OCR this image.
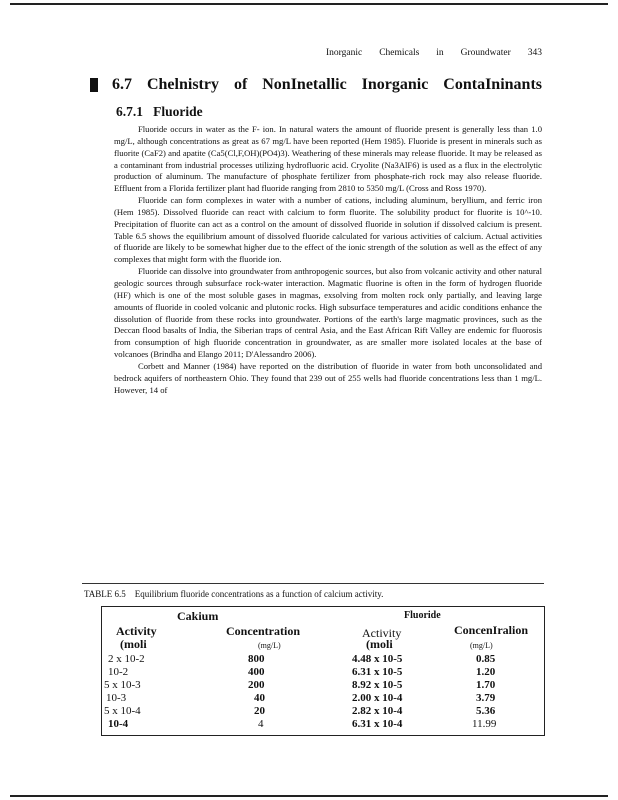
Inorganic Chemicals in Groundwater 343
6.7 Chelnistry of NonInetallic Inorganic ContaIninants
6.7.1 Fluoride

Fluoride occurs in water as the F- ion. In natural waters the amount of fluoride present is generally less than 1.0 mg/L, although concentrations as great as 67 mg/L have been reported (Hem 1985). Fluoride is present in minerals such as fluorite (CaF2) and apatite (Ca5(Cl,F,OH)(PO4)3). Weathering of these minerals may release fluoride. It may be released as a contaminant from industrial processes utilizing hydrofluoric acid. Cryolite (Na3AlF6) is used as a flux in the electrolytic production of aluminum. The manufacture of phosphate fertilizer from phosphate-rich rock may also release fluoride. Effluent from a Florida fertilizer plant had fluoride ranging from 2810 to 5350 mg/L (Cross and Ross 1970).

Fluoride can form complexes in water with a number of cations, including aluminum, beryllium, and ferric iron (Hem 1985). Dissolved fluoride can react with calcium to form fluorite. The solubility product for fluorite is 10^-10. Precipitation of fluorite can act as a control on the amount of dissolved fluoride in solution if dissolved calcium is present. Table 6.5 shows the equilibrium amount of dissolved fluoride calculated for various activities of calcium. Actual activities of fluoride are likely to be somewhat higher due to the effect of the ionic strength of the solution as well as the effect of any complexes that might form with the fluoride ion.

Fluoride can dissolve into groundwater from anthropogenic sources, but also from volcanic activity and other natural geologic sources through subsurface rock-water interaction. Magmatic fluorine is often in the form of hydrogen fluoride (HF) which is one of the most soluble gases in magmas, exsolving from molten rock only partially, and leaving large amounts of fluoride in cooled volcanic and plutonic rocks. High subsurface temperatures and acidic conditions enhance the dissolution of fluoride from these rocks into groundwater. Portions of the earth's large magmatic provinces, such as the Deccan flood basalts of India, the Siberian traps of central Asia, and the East African Rift Valley are endemic for fluorosis from consumption of high fluoride concentration in groundwater, as are smaller more isolated locales at the base of volcanoes (Brindha and Elango 2011; D'Alessandro 2006).

Corbett and Manner (1984) have reported on the distribution of fluoride in water from both unconsolidated and bedrock aquifers of northeastern Ohio. They found that 239 out of 255 wells had fluoride concentrations less than 1 mg/L. However, 14 of

TABLE 6.5 Equilibrium fluoride concentrations as a function of calcium activity.
Cakium	Fluoride
Activity	Concentration	Activity	ConcenIralion
(moli	(mg/L)	(moli	(mg/L)
2 x 10-2	800	4.48 x 10-5	0.85
10-2	400	6.31 x 10-5	1.20
5 x 10-3	200	8.92 x 10-5	1.70
10-3	40	2.00 x 10-4	3.79
5 x 10-4	20	2.82 x 10-4	5.36
10-4	4	6.31 x 10-4	11.99
